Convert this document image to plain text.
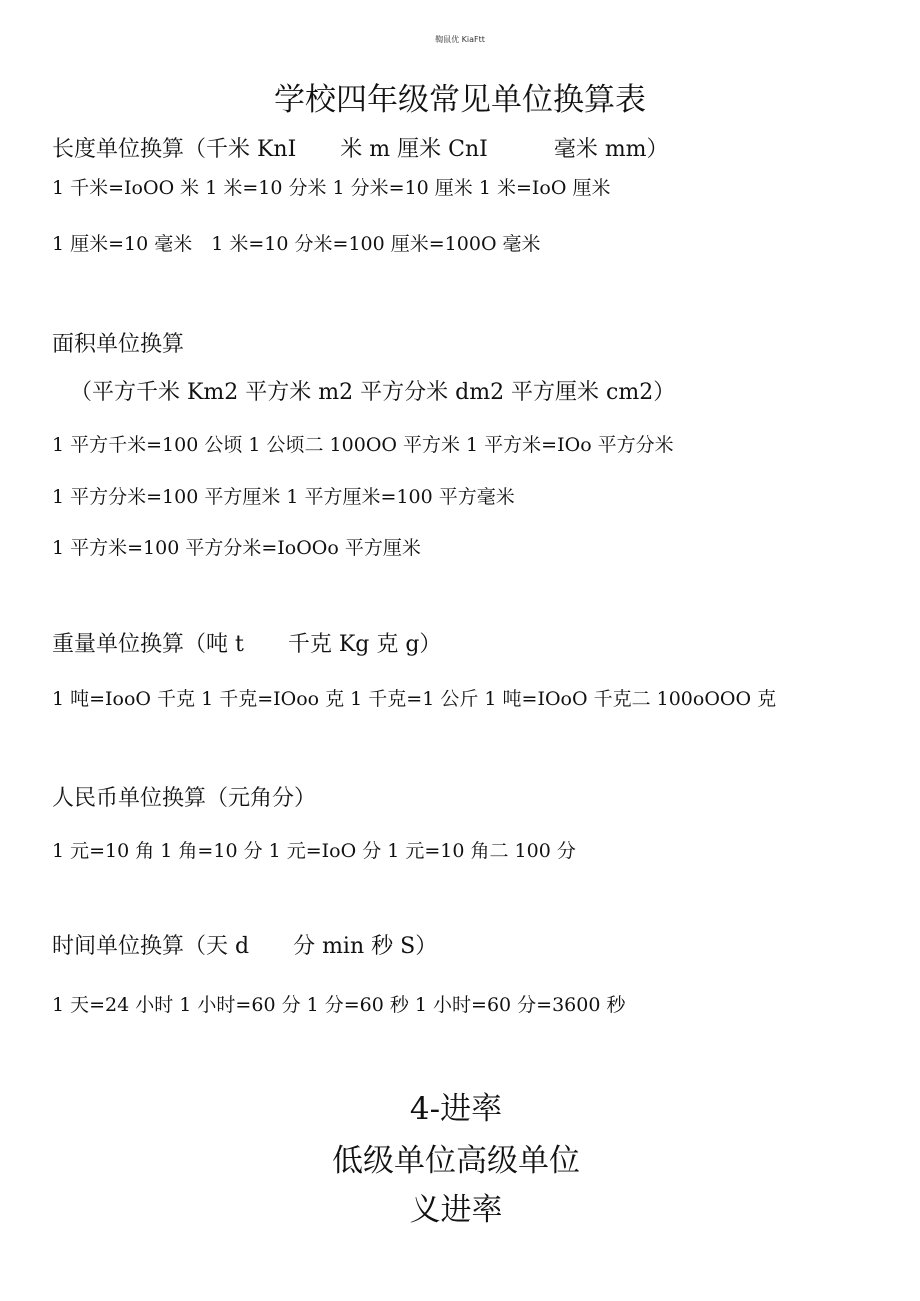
鞫鼠优 KiaFtt
学校四年级常见单位换算表
长度单位换算（千米 KnI　　米 m 厘米 CnI　　　毫米 mm）
1 千米=IoOO 米 1 米=10 分米 1 分米=10 厘米 1 米=IoO 厘米
1 厘米=10 毫米　1 米=10 分米=100 厘米=100O 毫米
面积单位换算
（平方千米 Km2 平方米 m2 平方分米 dm2 平方厘米 cm2）
1 平方千米=100 公顷 1 公顷二 100OO 平方米 1 平方米=IOo 平方分米
1 平方分米=100 平方厘米 1 平方厘米=100 平方毫米
1 平方米=100 平方分米=IoOOo 平方厘米
重量单位换算（吨 t　　千克 Kg 克 g）
1 吨=IooO 千克 1 千克=IOoo 克 1 千克=1 公斤 1 吨=IOoO 千克二 100oOOO 克
人民币单位换算（元角分）
1 元=10 角 1 角=10 分 1 元=IoO 分 1 元=10 角二 100 分
时间单位换算（天 d　　分 min 秒 S）
1 天=24 小时 1 小时=60 分 1 分=60 秒 1 小时=60 分=3600 秒
4-进率
低级单位高级单位
义进率
